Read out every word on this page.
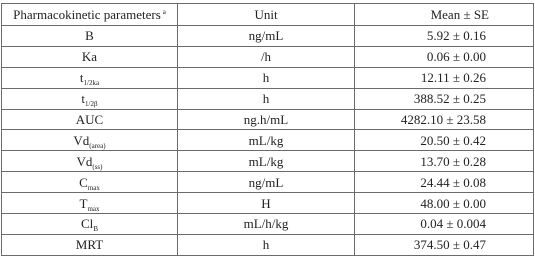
Pharmacokinetic parameters $^a$	Unit	Mean ± SE
B	ng/mL	5.92 ± 0.16
Ka	/h	0.06 ± 0.00
$t_{1/2ka}$	h	12.11 ± 0.26
$t_{1/2\beta}$	h	388.52 ± 0.25
AUC	ng.h/mL	4282.10 ± 23.58
$Vd_{(area)}$	mL/kg	20.50 ± 0.42
$Vd_{(ss)}$	mL/kg	13.70 ± 0.28
$C_{max}$	ng/mL	24.44 ± 0.08
$T_{max}$	H	48.00 ± 0.00
$Cl_B$	mL/h/kg	0.04 ± 0.004
MRT	h	374.50 ± 0.47
